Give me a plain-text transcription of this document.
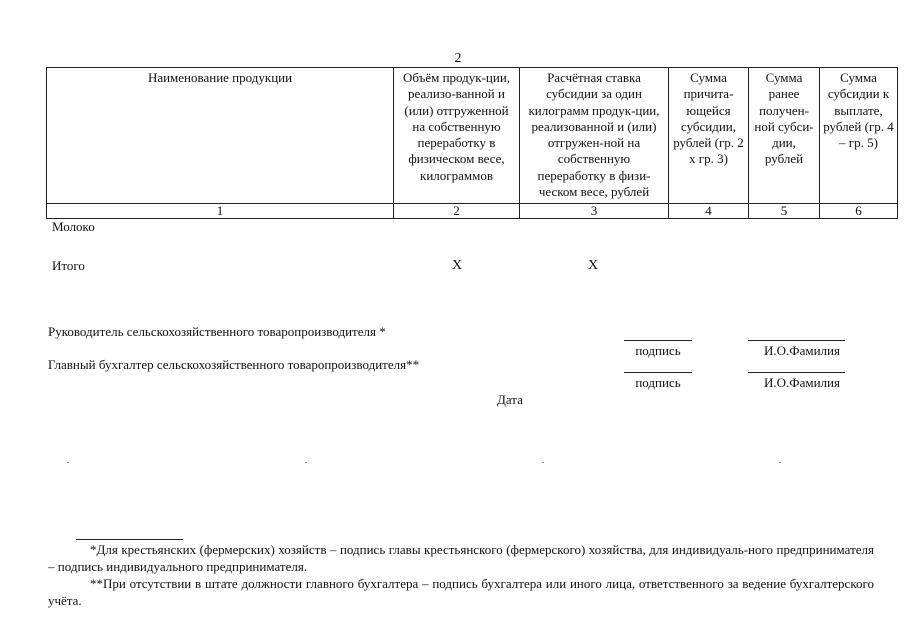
2
Наименование продукции	Объём продук-ции, реализо-ванной и (или) отгруженной на собственную переработку в физическом весе, килограммов	Расчётная ставка субсидии за один килограмм продук-ции, реализованной и (или) отгружен-ной на собственную переработку в физи-ческом весе, рублей	Сумма причита-ющейся субсидии, рублей (гр. 2 х гр. 3)	Сумма ранее получен-ной субси-дии, рублей	Сумма субсидии к выплате, рублей (гр. 4 – гр. 5)
1	2	3	4	5	6
Молоко
Итого	Х	Х
Руководитель сельскохозяйственного товаропроизводителя *
подпись	И.О.Фамилия
Главный бухгалтер сельскохозяйственного товаропроизводителя**
подпись	И.О.Фамилия
Дата

*Для крестьянских (фермерских) хозяйств – подпись главы крестьянского (фермерского) хозяйства, для индивидуаль-ного предпринимателя – подпись индивидуального предпринимателя.

**При отсутствии в штате должности главного бухгалтера – подпись бухгалтера или иного лица, ответственного за ведение бухгалтерского учёта.
